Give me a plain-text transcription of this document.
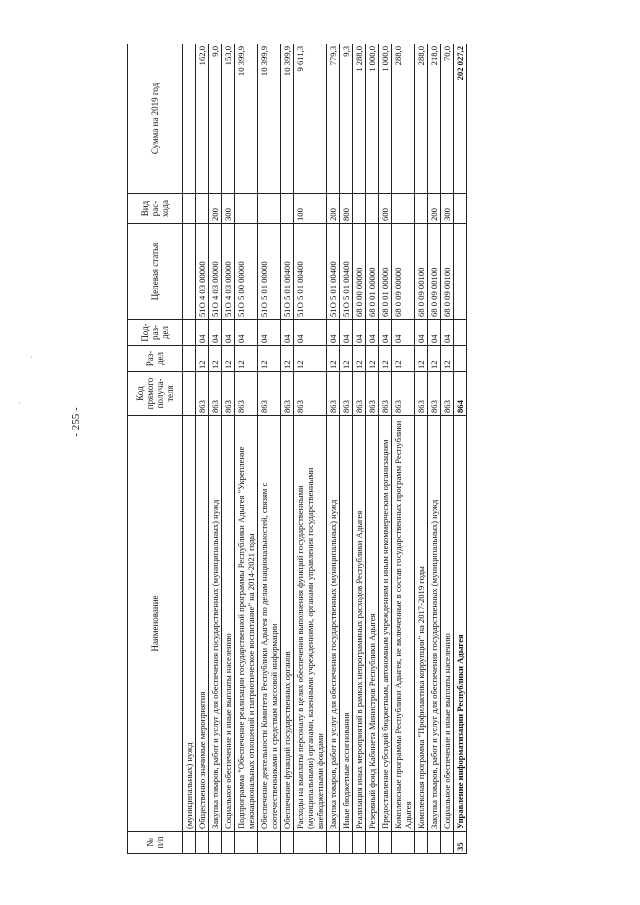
- 255 -
·
·
№ п/п	Наименование	Код прямого получа-теля	Раз-дел	Под-раз-дел	Целевая статья	Вид рас-хода	Сумма на 2019 год
	(муниципальных) нужд						
	Общественно значимые мероприятия	863	12	04	51О 4 03 00000		162,0
	Закупка товаров, работ и услуг для обеспечения государственных (муниципальных) нужд	863	12	04	51О 4 03 00000	200	9,0
	Социальное обеспечение и иные выплаты населению	863	12	04	51О 4 03 00000	300	153,0
	Подпрограмма "Обеспечение реализации государственной программы Республики Адыгея "Укрепление межнациональных отношений и патриотическое воспитание" на 2014-2021 годы	863	12	04	51О 5 00 00000		10 399,9
	Обеспечение деятельности Комитета Республики Адыгея по делам национальностей, связям с соотечественниками и средствам массовой информации	863	12	04	51О 5 01 00000		10 399,9
	Обеспечение функций государственных органов	863	12	04	51О 5 01 00400		10 399,9
	Расходы на выплаты персоналу в целях обеспечения выполнения функций государственными (муниципальными) органами, казенными учреждениями, органами управления государственными внебюджетными фондами	863	12	04	51О 5 01 00400	100	9 611,3
	Закупка товаров, работ и услуг для обеспечения государственных (муниципальных) нужд	863	12	04	51О 5 01 00400	200	779,3
	Иные бюджетные ассигнования	863	12	04	51О 5 01 00400	800	9,3
	Реализация иных мероприятий в рамках непрограммных расходов Республики Адыгея	863	12	04	68 0 00 00000		1 288,0
	Резервный фонд Кабинета Министров Республики Адыгея	863	12	04	68 0 01 00000		1 000,0
	Предоставление субсидий бюджетным, автономным учреждениям и иным некоммерческим организациям	863	12	04	68 0 01 00000	600	1 000,0
	Комплексные программы Республики Адыгея, не включенные в состав государственных программ Республики Адыгея	863	12	04	68 0 09 00000		288,0
	Комплексная программа "Профилактика коррупции" на 2017-2019 годы	863	12	04	68 0 09 00100		288,0
	Закупка товаров, работ и услуг для обеспечения государственных (муниципальных) нужд	863	12	04	68 0 09 00100	200	218,0
	Социальное обеспечение и иные выплаты населению	863	12	04	68 0 09 00100	300	70,0
35	Управление информатизации Республики Адыгея	864					202 027,2
